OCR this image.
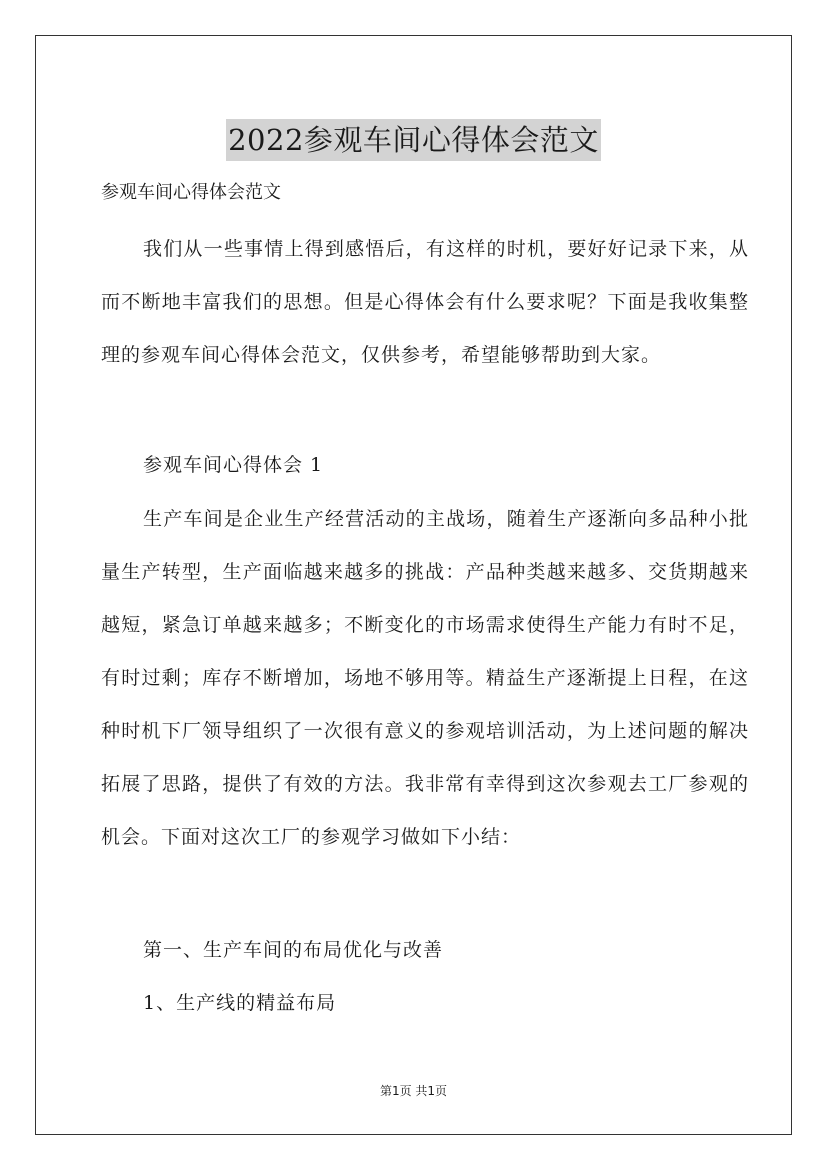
2022参观车间心得体会范文
参观车间心得体会范文

我们从一些事情上得到感悟后，有这样的时机，要好好记录下来，从而不断地丰富我们的思想。但是心得体会有什么要求呢？下面是我收集整理的参观车间心得体会范文，仅供参考，希望能够帮助到大家。

参观车间心得体会 1

生产车间是企业生产经营活动的主战场，随着生产逐渐向多品种小批量生产转型，生产面临越来越多的挑战：产品种类越来越多、交货期越来越短，紧急订单越来越多；不断变化的市场需求使得生产能力有时不足，有时过剩；库存不断增加，场地不够用等。精益生产逐渐提上日程，在这种时机下厂领导组织了一次很有意义的参观培训活动，为上述问题的解决拓展了思路，提供了有效的方法。我非常有幸得到这次参观去工厂参观的机会。下面对这次工厂的参观学习做如下小结：

第一、生产车间的布局优化与改善
1、生产线的精益布局
第1页 共1页
